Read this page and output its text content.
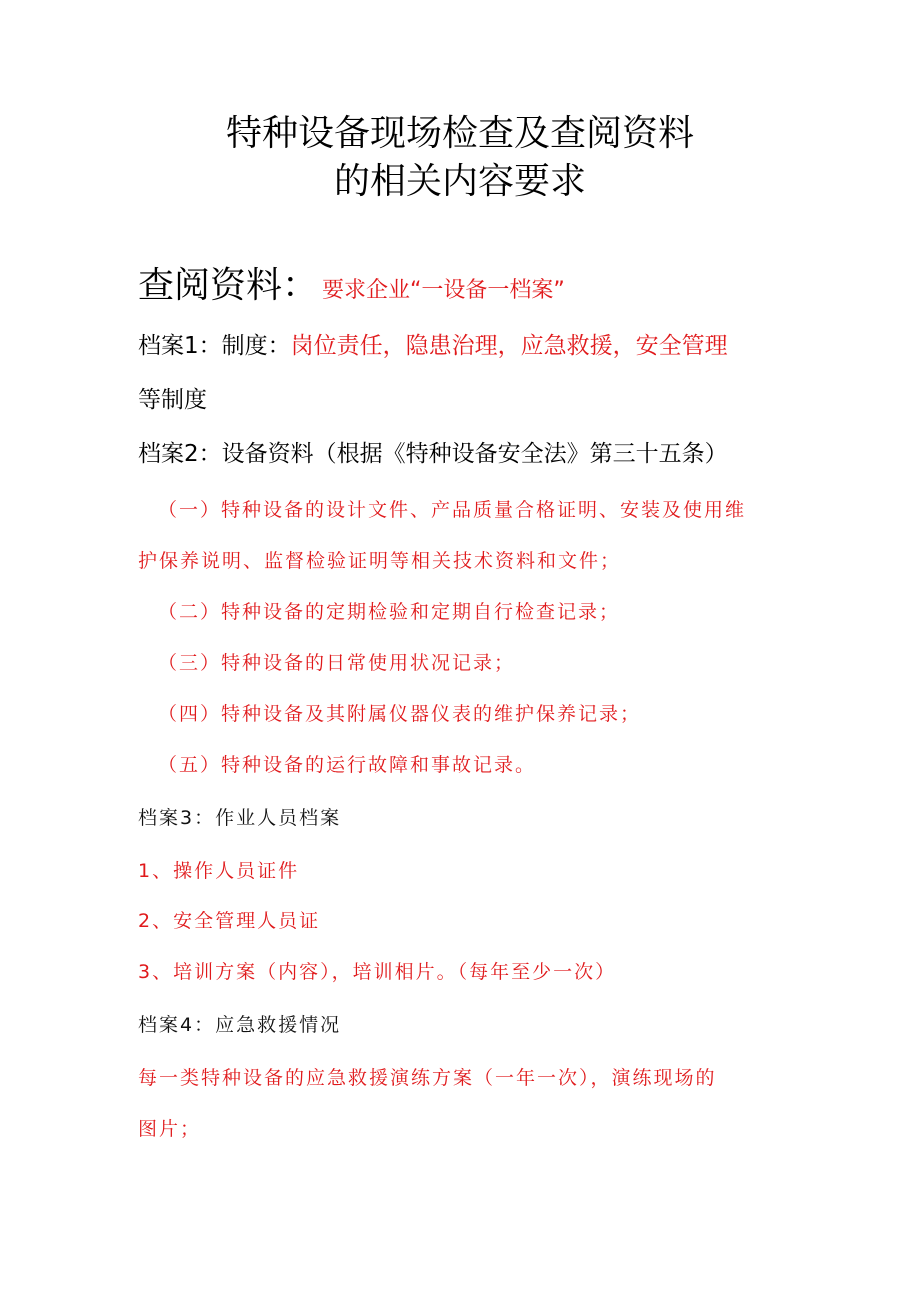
特种设备现场检查及查阅资料
的相关内容要求
查阅资料： 要求企业“一设备一档案”
档案1：制度：岗位责任，隐患治理，应急救援，安全管理
等制度
档案2：设备资料（根据《特种设备安全法》第三十五条）
（一）特种设备的设计文件、产品质量合格证明、安装及使用维
护保养说明、监督检验证明等相关技术资料和文件；
（二）特种设备的定期检验和定期自行检查记录；
（三）特种设备的日常使用状况记录；
（四）特种设备及其附属仪器仪表的维护保养记录；
（五）特种设备的运行故障和事故记录。
档案3：作业人员档案
1、操作人员证件
2、安全管理人员证
3、培训方案（内容），培训相片。（每年至少一次）
档案4：应急救援情况
每一类特种设备的应急救援演练方案（一年一次），演练现场的
图片；
